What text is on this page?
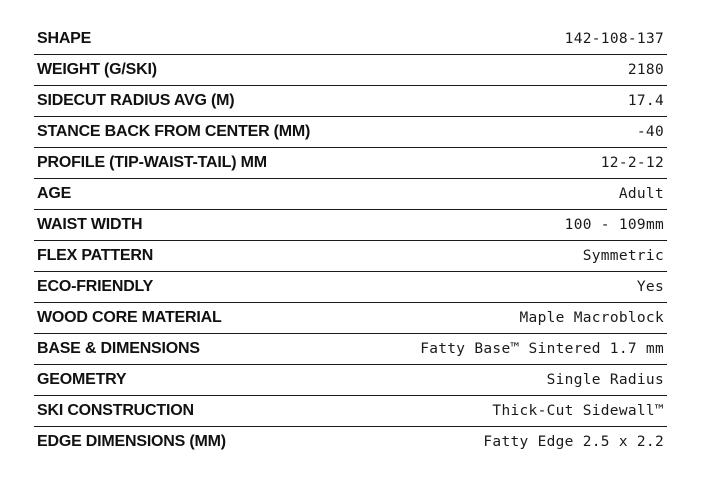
SHAPE	142-108-137
WEIGHT (G/SKI)	2180
SIDECUT RADIUS AVG (M)	17.4
STANCE BACK FROM CENTER (MM)	-40
PROFILE (TIP-WAIST-TAIL) MM	12-2-12
AGE	Adult
WAIST WIDTH	100 - 109mm
FLEX PATTERN	Symmetric
ECO-FRIENDLY	Yes
WOOD CORE MATERIAL	Maple Macroblock
BASE & DIMENSIONS	Fatty Base™ Sintered 1.7 mm
GEOMETRY	Single Radius
SKI CONSTRUCTION	Thick-Cut Sidewall™
EDGE DIMENSIONS (MM)	Fatty Edge 2.5 x 2.2
